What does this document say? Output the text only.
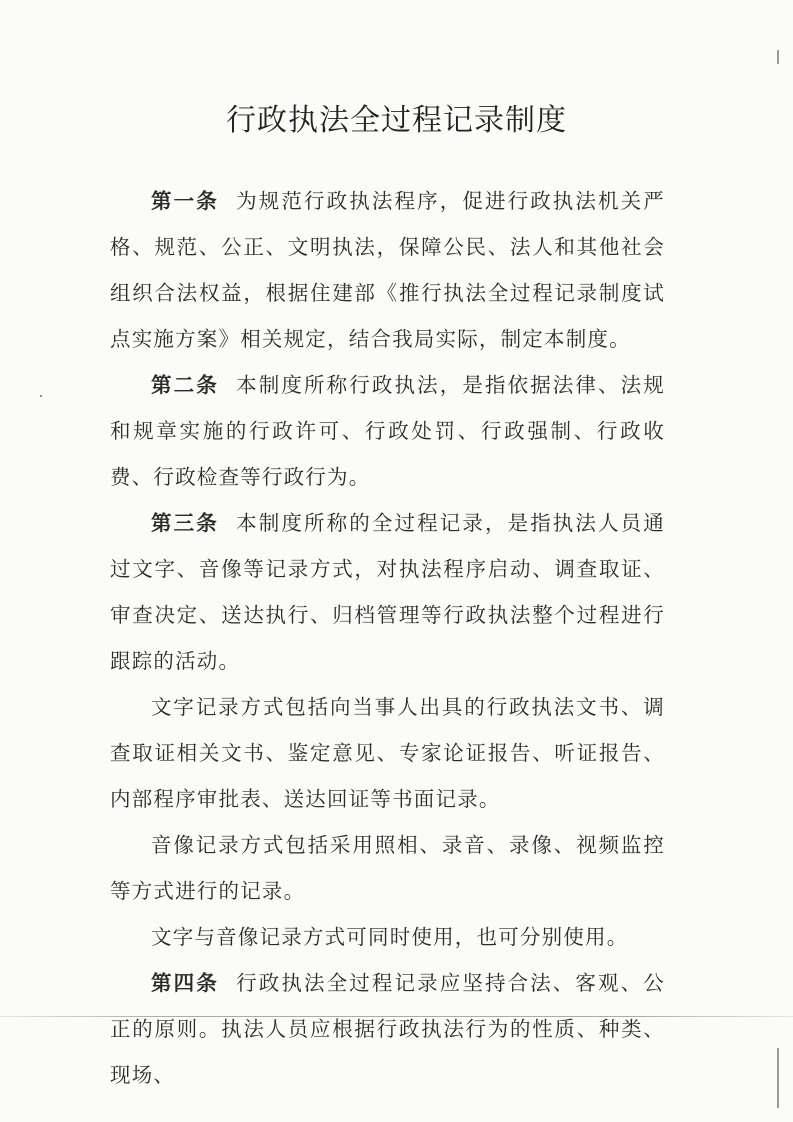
行政执法全过程记录制度

第一条 为规范行政执法程序，促进行政执法机关严格、规范、公正、文明执法，保障公民、法人和其他社会组织合法权益，根据住建部《推行执法全过程记录制度试点实施方案》相关规定，结合我局实际，制定本制度。

第二条 本制度所称行政执法，是指依据法律、法规和规章实施的行政许可、行政处罚、行政强制、行政收费、行政检查等行政行为。

第三条 本制度所称的全过程记录，是指执法人员通过文字、音像等记录方式，对执法程序启动、调查取证、审查决定、送达执行、归档管理等行政执法整个过程进行跟踪的活动。

文字记录方式包括向当事人出具的行政执法文书、调查取证相关文书、鉴定意见、专家论证报告、听证报告、内部程序审批表、送达回证等书面记录。

音像记录方式包括采用照相、录音、录像、视频监控等方式进行的记录。

文字与音像记录方式可同时使用，也可分别使用。

第四条 行政执法全过程记录应坚持合法、客观、公正的原则。执法人员应根据行政执法行为的性质、种类、现场、
